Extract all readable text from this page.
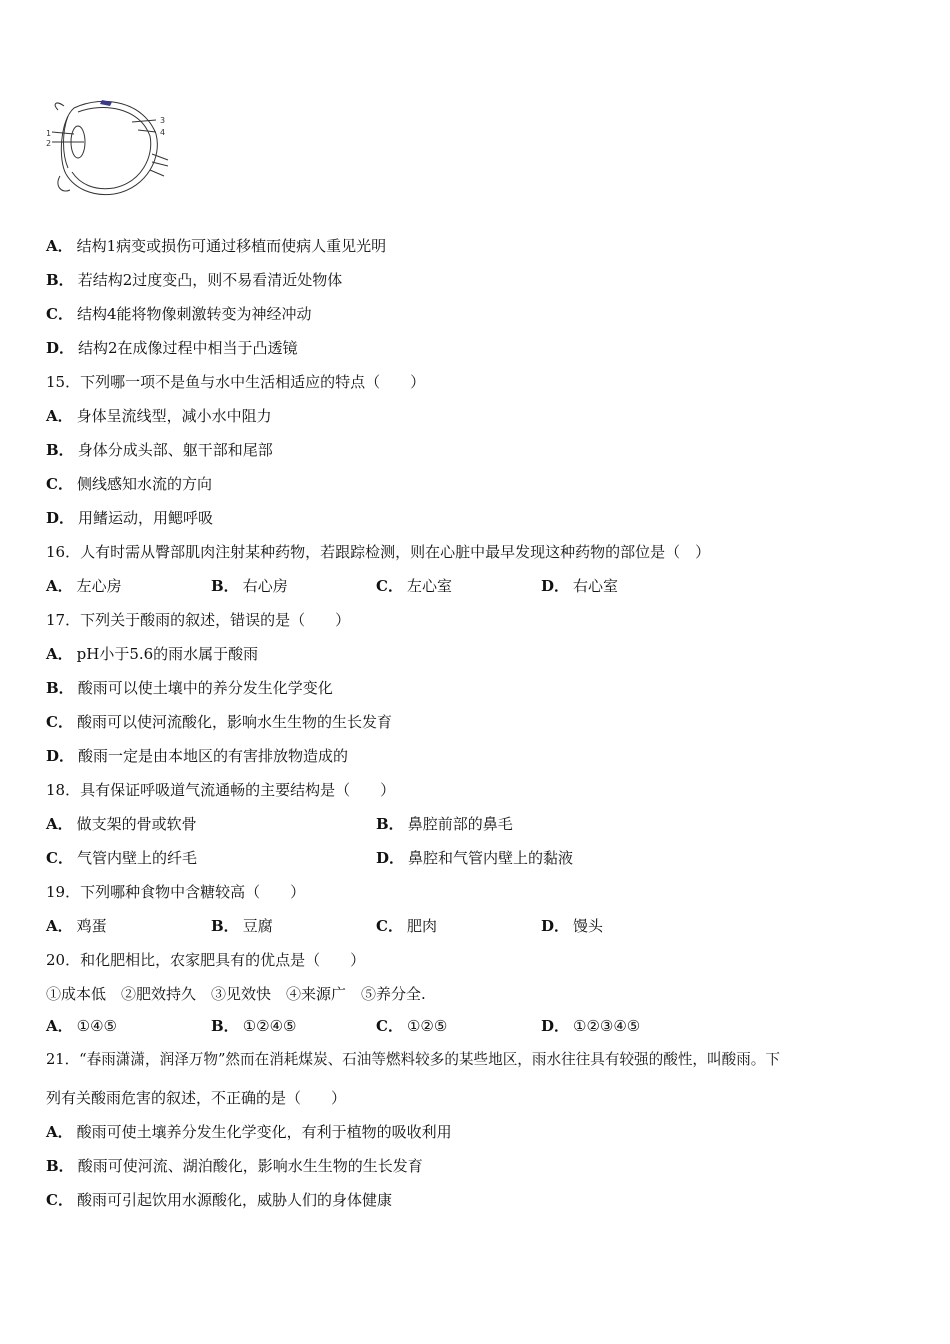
1
2
3
4
A． 结构1病变或损伤可通过移植而使病人重见光明
B． 若结构2过度变凸，则不易看清近处物体
C． 结构4能将物像刺激转变为神经冲动
D． 结构2在成像过程中相当于凸透镜
15．下列哪一项不是鱼与水中生活相适应的特点（　　）
A． 身体呈流线型，减小水中阻力
B． 身体分成头部、躯干部和尾部
C． 侧线感知水流的方向
D． 用鳍运动，用鳃呼吸
16．人有时需从臀部肌肉注射某种药物，若跟踪检测，则在心脏中最早发现这种药物的部位是（　）
A． 左心房	B． 右心房	C． 左心室	D． 右心室
17．下列关于酸雨的叙述，错误的是（　　）
A． pH小于5.6的雨水属于酸雨
B． 酸雨可以使土壤中的养分发生化学变化
C． 酸雨可以使河流酸化，影响水生生物的生长发育
D． 酸雨一定是由本地区的有害排放物造成的
18．具有保证呼吸道气流通畅的主要结构是（　　）
A． 做支架的骨或软骨	B． 鼻腔前部的鼻毛
C． 气管内壁上的纤毛	D． 鼻腔和气管内壁上的黏液
19．下列哪种食物中含糖较高（　　）
A． 鸡蛋	B． 豆腐	C． 肥肉	D． 馒头
20．和化肥相比，农家肥具有的优点是（　　）
①成本低　②肥效持久　③见效快　④来源广　⑤养分全.
A． ①④⑤	B． ①②④⑤	C． ①②⑤	D． ①②③④⑤
21．“春雨潇潇，润泽万物”然而在消耗煤炭、石油等燃料较多的某些地区，雨水往往具有较强的酸性，叫酸雨。下
列有关酸雨危害的叙述，不正确的是（　　）
A． 酸雨可使土壤养分发生化学变化，有利于植物的吸收利用
B． 酸雨可使河流、湖泊酸化，影响水生生物的生长发育
C． 酸雨可引起饮用水源酸化，威胁人们的身体健康
